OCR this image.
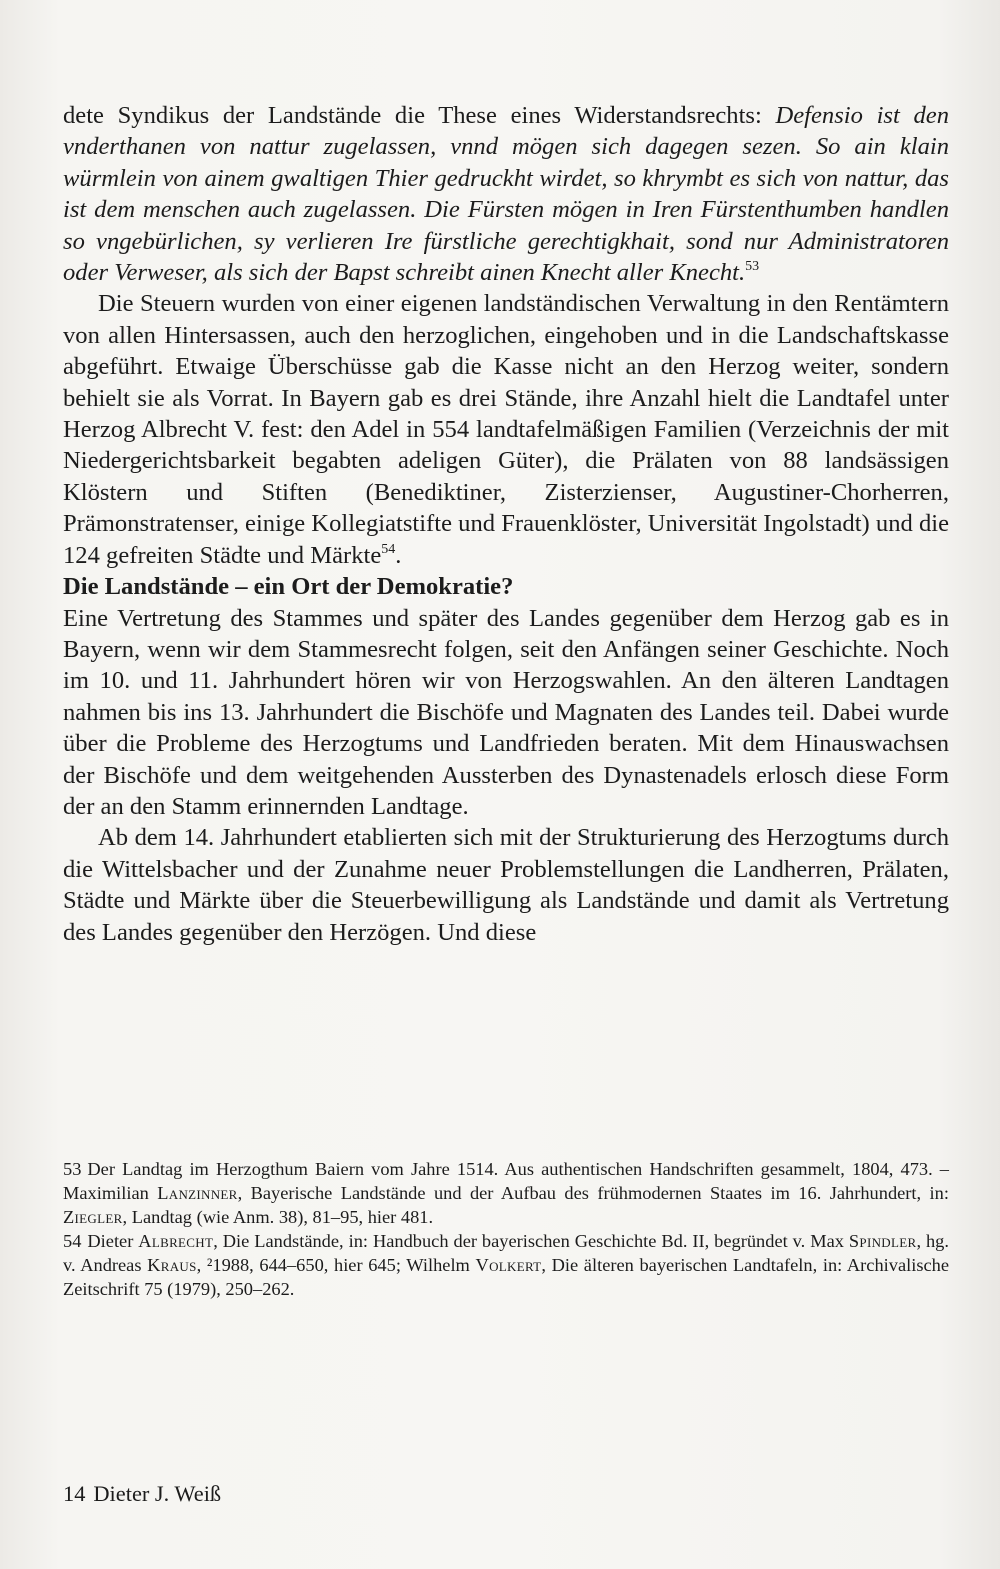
dete Syndikus der Landstände die These eines Widerstandsrechts: Defensio ist den vnderthanen von nattur zugelassen, vnnd mögen sich dagegen sezen. So ain klain würmlein von ainem gwaltigen Thier gedruckht wirdet, so khrymbt es sich von nattur, das ist dem menschen auch zugelassen. Die Fürsten mögen in Iren Fürstenthumben handlen so vngebürlichen, sy verlieren Ire fürstliche gerechtigkhait, sond nur Administratoren oder Verweser, als sich der Bapst schreibt ainen Knecht aller Knecht.$^{53}$

Die Steuern wurden von einer eigenen landständischen Verwaltung in den Rentämtern von allen Hintersassen, auch den herzoglichen, eingehoben und in die Landschaftskasse abgeführt. Etwaige Überschüsse gab die Kasse nicht an den Herzog weiter, sondern behielt sie als Vorrat. In Bayern gab es drei Stände, ihre Anzahl hielt die Landtafel unter Herzog Albrecht V. fest: den Adel in 554 landtafelmäßigen Familien (Verzeichnis der mit Niedergerichtsbarkeit begabten adeligen Güter), die Prälaten von 88 landsässigen Klöstern und Stiften (Benediktiner, Zisterzienser, Augustiner-Chorherren, Prämonstratenser, einige Kollegiatstifte und Frauenklöster, Universität Ingolstadt) und die 124 gefreiten Städte und Märkte$^{54}$.

Die Landstände – ein Ort der Demokratie?

Eine Vertretung des Stammes und später des Landes gegenüber dem Herzog gab es in Bayern, wenn wir dem Stammesrecht folgen, seit den Anfängen seiner Geschichte. Noch im 10. und 11. Jahrhundert hören wir von Herzogswahlen. An den älteren Landtagen nahmen bis ins 13. Jahrhundert die Bischöfe und Magnaten des Landes teil. Dabei wurde über die Probleme des Herzogtums und Landfrieden beraten. Mit dem Hinauswachsen der Bischöfe und dem weitgehenden Aussterben des Dynastenadels erlosch diese Form der an den Stamm erinnernden Landtage.

Ab dem 14. Jahrhundert etablierten sich mit der Strukturierung des Herzogtums durch die Wittelsbacher und der Zunahme neuer Problemstellungen die Landherren, Prälaten, Städte und Märkte über die Steuerbewilligung als Landstände und damit als Vertretung des Landes gegenüber den Herzögen. Und diese

53 Der Landtag im Herzogthum Baiern vom Jahre 1514. Aus authentischen Handschriften gesammelt, 1804, 473. – Maximilian Lanzinner, Bayerische Landstände und der Aufbau des frühmodernen Staates im 16. Jahrhundert, in: Ziegler, Landtag (wie Anm. 38), 81–95, hier 481.

54 Dieter Albrecht, Die Landstände, in: Handbuch der bayerischen Geschichte Bd. II, begründet v. Max Spindler, hg. v. Andreas Kraus, ²1988, 644–650, hier 645; Wilhelm Volkert, Die älteren bayerischen Landtafeln, in: Archivalische Zeitschrift 75 (1979), 250–262.

14 Dieter J. Weiß
